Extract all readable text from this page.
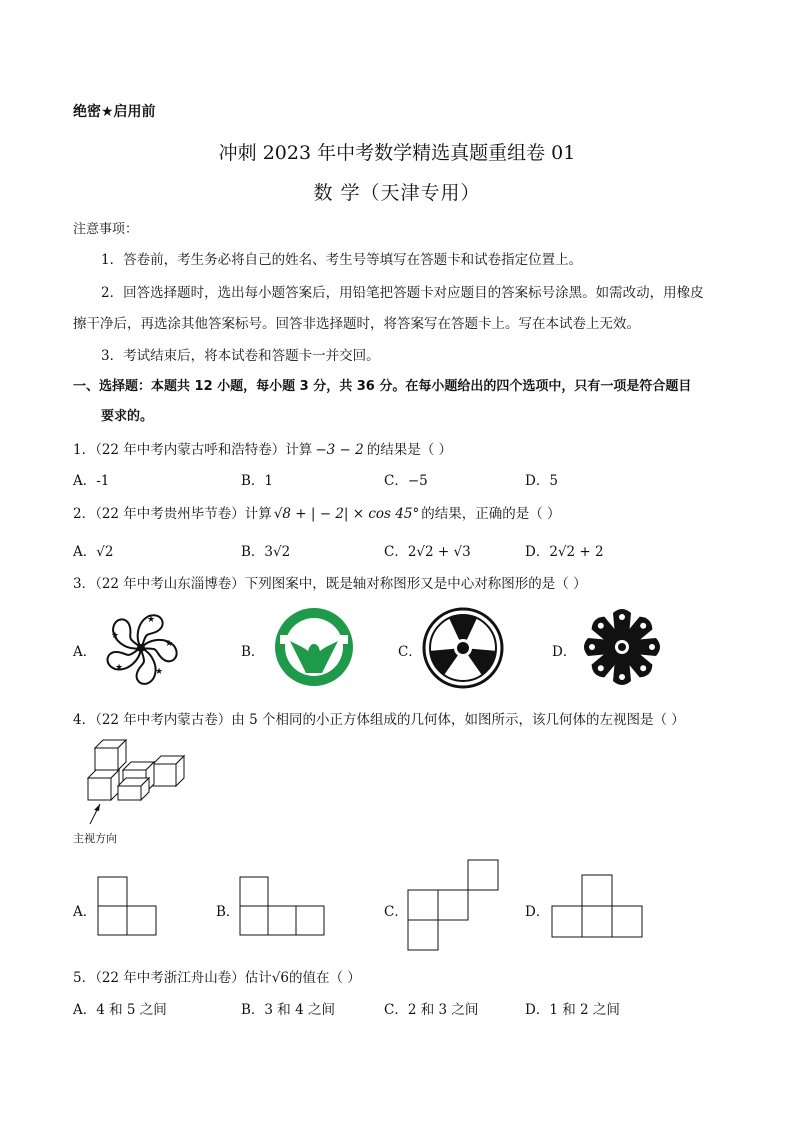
绝密★启用前
冲刺 2023 年中考数学精选真题重组卷 01
数 学（天津专用）
注意事项：
1．答卷前，考生务必将自己的姓名、考生号等填写在答题卡和试卷指定位置上。
2．回答选择题时，选出每小题答案后，用铅笔把答题卡对应题目的答案标号涂黑。如需改动，用橡皮
擦干净后，再选涂其他答案标号。回答非选择题时，将答案写在答题卡上。写在本试卷上无效。
3．考试结束后，将本试卷和答题卡一并交回。
一、选择题：本题共 12 小题，每小题 3 分，共 36 分。在每小题给出的四个选项中，只有一项是符合题目
要求的。
1．（22 年中考内蒙古呼和浩特卷）计算 −3 − 2 的结果是（ ）
A．-1	B．1	C．−5	D．5
2．（22 年中考贵州毕节卷）计算 √8 + | − 2| × cos 45° 的结果，正确的是（ ）
A．√2	B．3√2	C．2√2 + √3	D．2√2 + 2
3．（22 年中考山东淄博卷）下列图案中，既是轴对称图形又是中心对称图形的是（ ）
A．	B．	C．	D．
★
★
★
★
★
4．（22 年中考内蒙古卷）由 5 个相同的小正方体组成的几何体，如图所示，该几何体的左视图是（ ）
主视方向
A．	B．	C．	D．
5．（22 年中考浙江舟山卷）估计√6的值在（ ）
A．4 和 5 之间	B．3 和 4 之间	C．2 和 3 之间	D．1 和 2 之间
